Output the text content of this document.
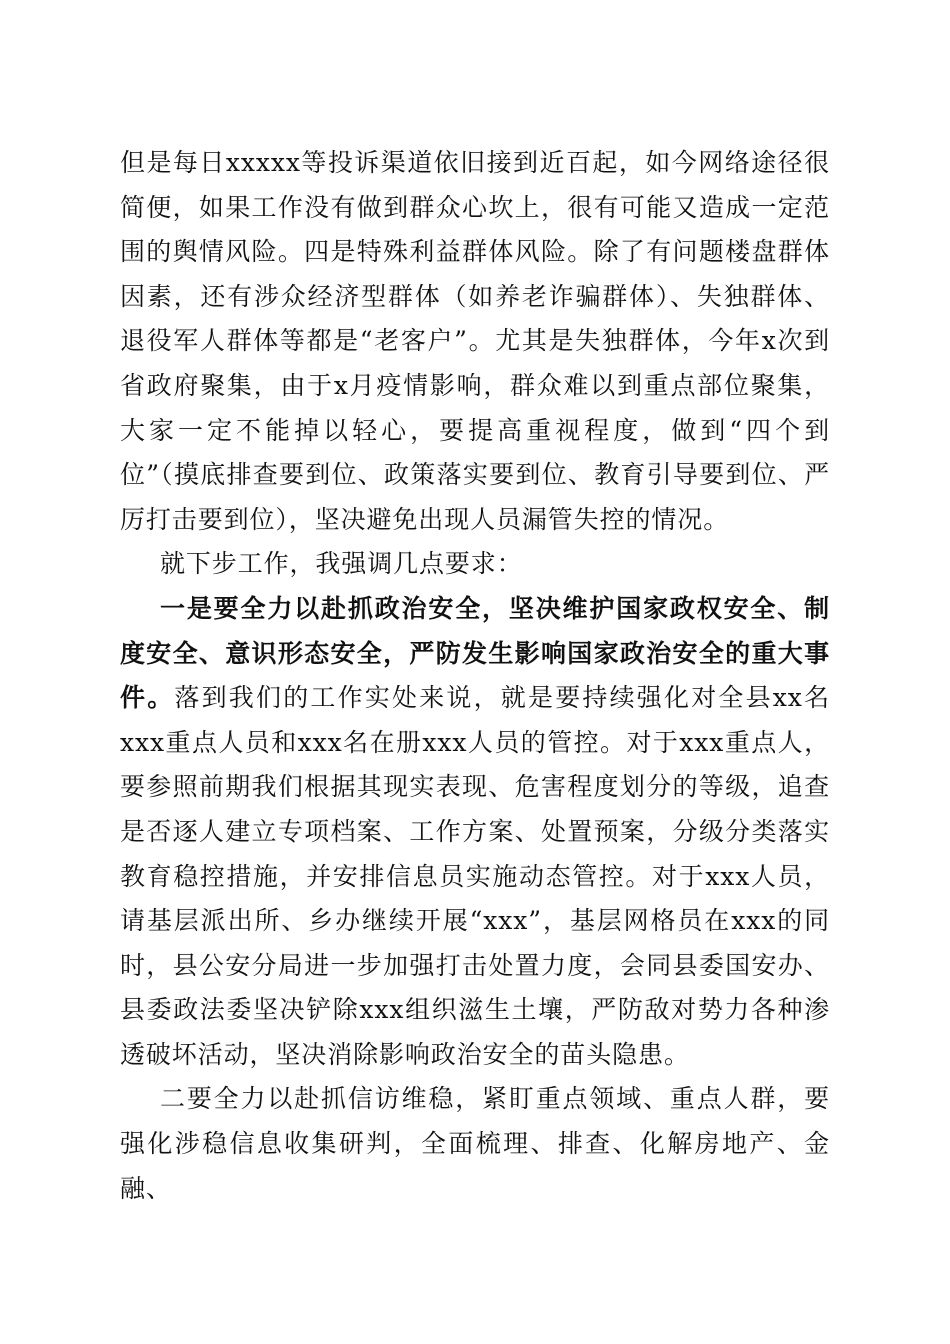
但是每日xxxxx等投诉渠道依旧接到近百起，如今网络途径很简便，如果工作没有做到群众心坎上，很有可能又造成一定范围的舆情风险。四是特殊利益群体风险。除了有问题楼盘群体因素，还有涉众经济型群体（如养老诈骗群体）、失独群体、退役军人群体等都是“老客户”。尤其是失独群体，今年x次到省政府聚集，由于x月疫情影响，群众难以到重点部位聚集，大家一定不能掉以轻心，要提高重视程度，做到“四个到位”（摸底排查要到位、政策落实要到位、教育引导要到位、严厉打击要到位），坚决避免出现人员漏管失控的情况。

就下步工作，我强调几点要求：

一是要全力以赴抓政治安全，坚决维护国家政权安全、制度安全、意识形态安全，严防发生影响国家政治安全的重大事件。落到我们的工作实处来说，就是要持续强化对全县xx名xxx重点人员和xxx名在册xxx人员的管控。对于xxx重点人，要参照前期我们根据其现实表现、危害程度划分的等级，追查是否逐人建立专项档案、工作方案、处置预案，分级分类落实教育稳控措施，并安排信息员实施动态管控。对于xxx人员，请基层派出所、乡办继续开展“xxx”，基层网格员在xxx的同时，县公安分局进一步加强打击处置力度，会同县委国安办、县委政法委坚决铲除xxx组织滋生土壤，严防敌对势力各种渗透破坏活动，坚决消除影响政治安全的苗头隐患。

二要全力以赴抓信访维稳，紧盯重点领域、重点人群，要强化涉稳信息收集研判，全面梳理、排查、化解房地产、金融、
